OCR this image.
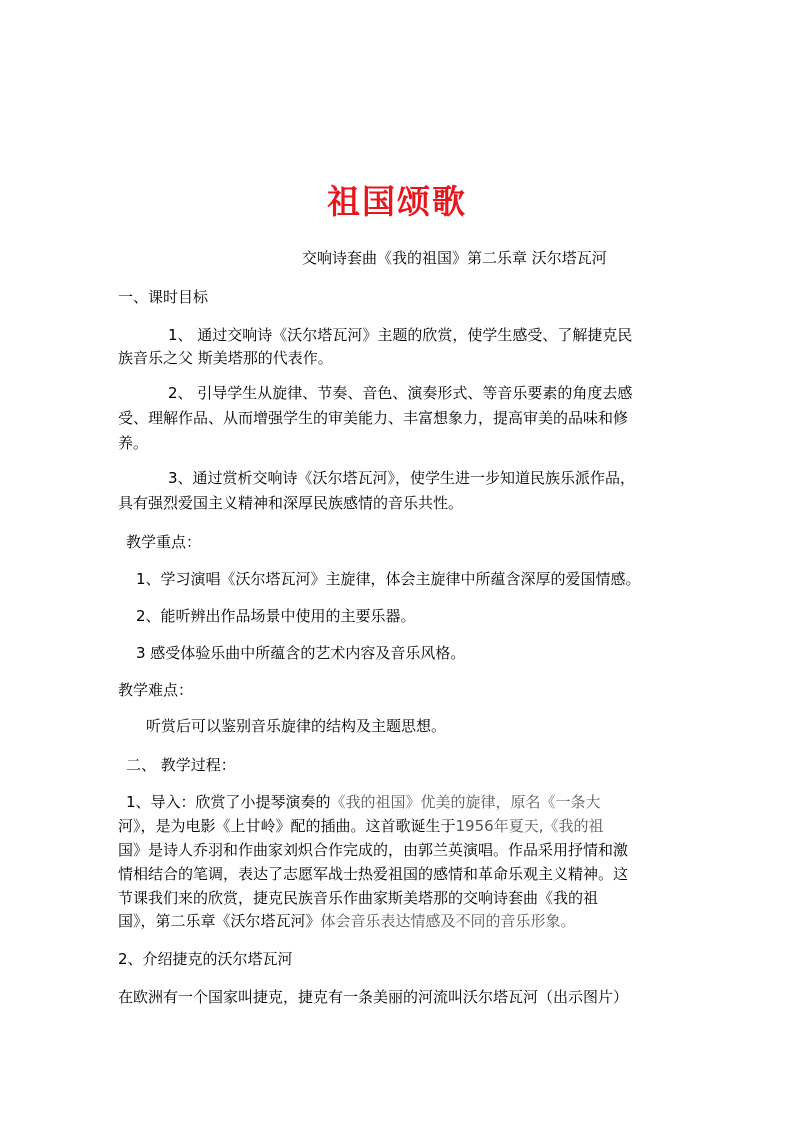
祖国颂歌
交响诗套曲《我的祖国》第二乐章 沃尔塔瓦河
一、课时目标
1、 通过交响诗《沃尔塔瓦河》主题的欣赏，使学生感受、了解捷克民
族音乐之父 斯美塔那的代表作。
2、 引导学生从旋律、节奏、音色、演奏形式、等音乐要素的角度去感
受、理解作品、从而增强学生的审美能力、丰富想象力，提高审美的品味和修
养。
3、通过赏析交响诗《沃尔塔瓦河》，使学生进一步知道民族乐派作品，
具有强烈爱国主义精神和深厚民族感情的音乐共性。
教学重点：
1、学习演唱《沃尔塔瓦河》主旋律，体会主旋律中所蕴含深厚的爱国情感。
2、能听辨出作品场景中使用的主要乐器。
3 感受体验乐曲中所蕴含的艺术内容及音乐风格。
教学难点：
听赏后可以鉴别音乐旋律的结构及主题思想。
二、 教学过程：
1、导入：欣赏了小提琴演奏的《我的祖国》优美的旋律，原名《一条大
河》，是为电影《上甘岭》配的插曲。这首歌诞生于1956年夏天,《我的祖
国》是诗人乔羽和作曲家刘炽合作完成的，由郭兰英演唱。作品采用抒情和激
情相结合的笔调，表达了志愿军战士热爱祖国的感情和革命乐观主义精神。这
节课我们来的欣赏，捷克民族音乐作曲家斯美塔那的交响诗套曲《我的祖
国》，第二乐章《沃尔塔瓦河》体会音乐表达情感及不同的音乐形象。
2、介绍捷克的沃尔塔瓦河
在欧洲有一个国家叫捷克，捷克有一条美丽的河流叫沃尔塔瓦河（出示图片）
